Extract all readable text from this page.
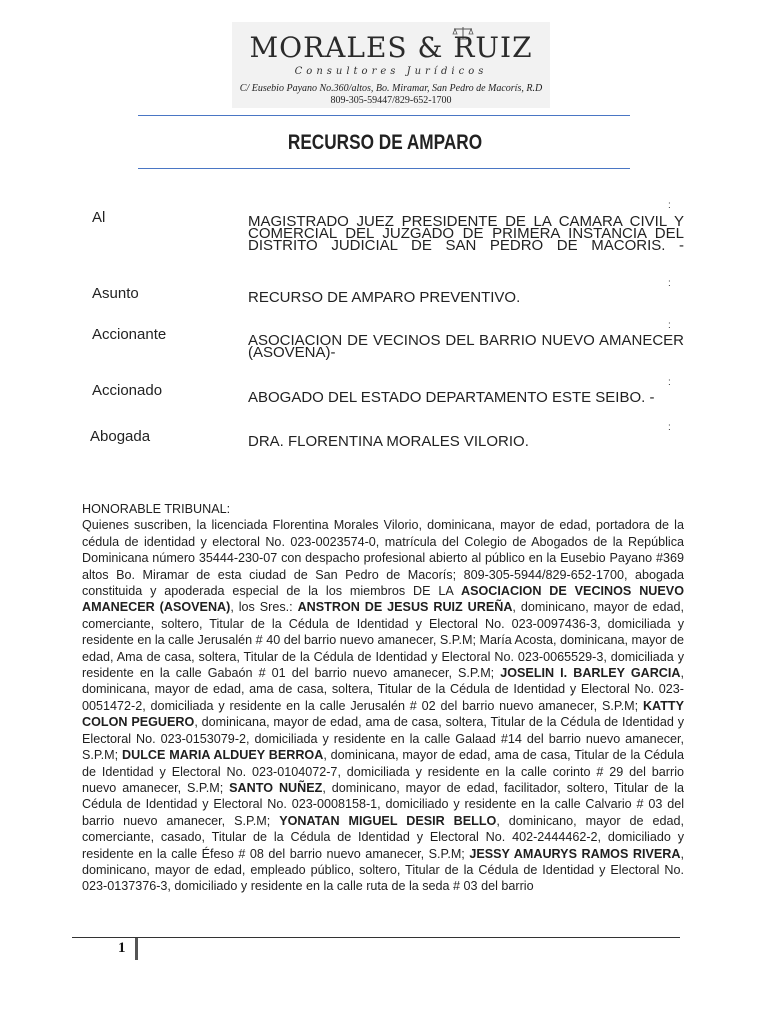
MORALES & RUIZ
Consultores Jurídicos
C/ Eusebio Payano No.360/altos, Bo. Miramar, San Pedro de Macorís, R.D
809-305-59447/829-652-1700
RECURSO DE AMPARO
Al
:
MAGISTRADO JUEZ PRESIDENTE DE LA CAMARA CIVIL Y COMERCIAL DEL JUZGADO DE PRIMERA INSTANCIA DEL DISTRITO JUDICIAL DE SAN PEDRO DE MACORIS. -
Asunto
:
RECURSO DE AMPARO PREVENTIVO.
Accionante
:
ASOCIACION DE VECINOS DEL BARRIO NUEVO AMANECER (ASOVENA)-
Accionado	:
ABOGADO DEL ESTADO DEPARTAMENTO ESTE SEIBO. -
Abogada
:
DRA. FLORENTINA MORALES VILORIO.

HONORABLE TRIBUNAL:

Quienes suscriben, la licenciada Florentina Morales Vilorio, dominicana, mayor de edad, portadora de la cédula de identidad y electoral No. 023-0023574-0, matrícula del Colegio de Abogados de la República Dominicana número 35444-230-07 con despacho profesional abierto al público en la Eusebio Payano #369 altos Bo. Miramar de esta ciudad de San Pedro de Macorís; 809-305-5944/829-652-1700, abogada constituida y apoderada especial de la los miembros DE LA ASOCIACION DE VECINOS NUEVO AMANECER (ASOVENA), los Sres.: ANSTRON DE JESUS RUIZ UREÑA, dominicano, mayor de edad, comerciante, soltero, Titular de la Cédula de Identidad y Electoral No. 023-0097436-3, domiciliada y residente en la calle Jerusalén # 40 del barrio nuevo amanecer, S.P.M; María Acosta, dominicana, mayor de edad, Ama de casa, soltera, Titular de la Cédula de Identidad y Electoral No. 023-0065529-3, domiciliada y residente en la calle Gabaón # 01 del barrio nuevo amanecer, S.P.M; JOSELIN I. BARLEY GARCIA, dominicana, mayor de edad, ama de casa, soltera, Titular de la Cédula de Identidad y Electoral No. 023-0051472-2, domiciliada y residente en la calle Jerusalén # 02 del barrio nuevo amanecer, S.P.M; KATTY COLON PEGUERO, dominicana, mayor de edad, ama de casa, soltera, Titular de la Cédula de Identidad y Electoral No. 023-0153079-2, domiciliada y residente en la calle Galaad #14 del barrio nuevo amanecer, S.P.M; DULCE MARIA ALDUEY BERROA, dominicana, mayor de edad, ama de casa, Titular de la Cédula de Identidad y Electoral No. 023-0104072-7, domiciliada y residente en la calle corinto # 29 del barrio nuevo amanecer, S.P.M; SANTO NUÑEZ, dominicano, mayor de edad, facilitador, soltero, Titular de la Cédula de Identidad y Electoral No. 023-0008158-1, domiciliado y residente en la calle Calvario # 03 del barrio nuevo amanecer, S.P.M; YONATAN MIGUEL DESIR BELLO, dominicano, mayor de edad, comerciante, casado, Titular de la Cédula de Identidad y Electoral No. 402-2444462-2, domiciliado y residente en la calle Éfeso # 08 del barrio nuevo amanecer, S.P.M; JESSY AMAURYS RAMOS RIVERA, dominicano, mayor de edad, empleado público, soltero, Titular de la Cédula de Identidad y Electoral No. 023-0137376-3, domiciliado y residente en la calle ruta de la seda # 03 del barrio

1
